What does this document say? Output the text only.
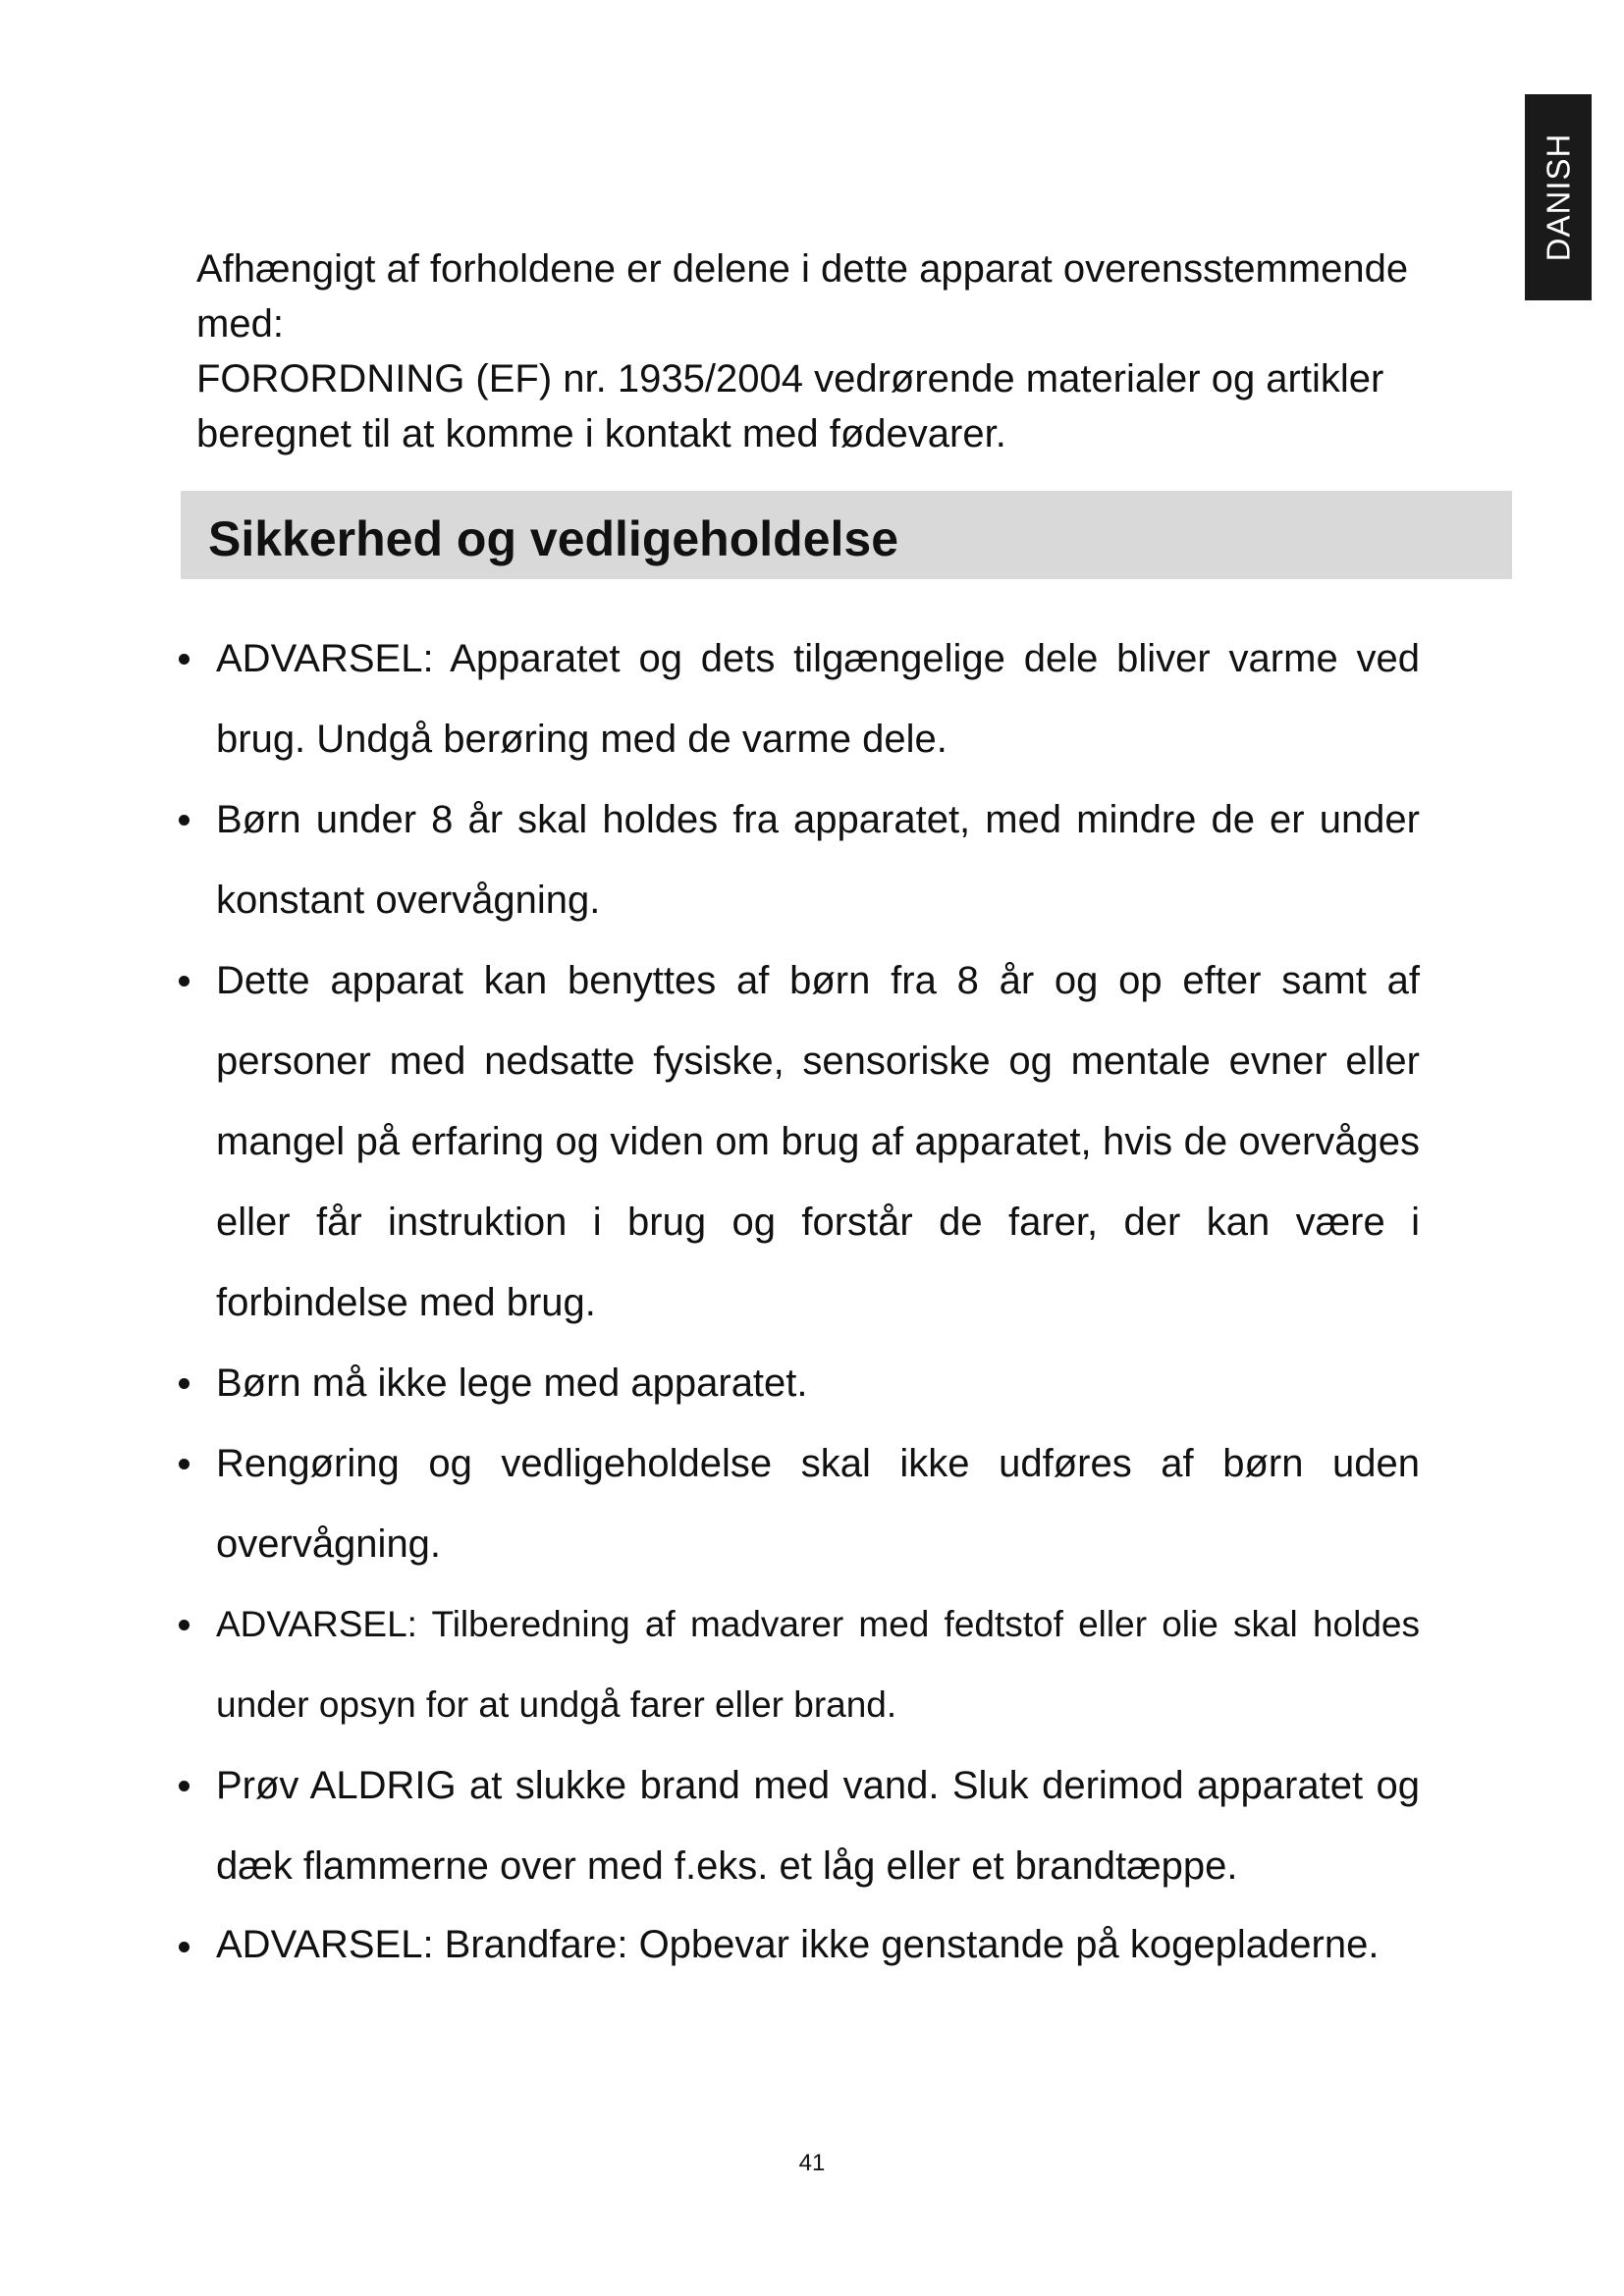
DANISH

Afhængigt af forholdene er delene i dette apparat overensstemmende med:

FORORDNING (EF) nr. 1935/2004 vedrørende materialer og artikler beregnet til at komme i kontakt med fødevarer.

Sikkerhed og vedligeholdelse
ADVARSEL: Apparatet og dets tilgængelige dele bliver varme ved brug. Undgå berøring med de varme dele.
Børn under 8 år skal holdes fra apparatet, med mindre de er under konstant overvågning.
Dette apparat kan benyttes af børn fra 8 år og op efter samt af personer med nedsatte fysiske, sensoriske og mentale evner eller mangel på erfaring og viden om brug af apparatet, hvis de overvåges eller får instruktion i brug og forstår de farer, der kan være i forbindelse med brug.
Børn må ikke lege med apparatet.
Rengøring og vedligeholdelse skal ikke udføres af børn uden overvågning.
ADVARSEL: Tilberedning af madvarer med fedtstof eller olie skal holdes under opsyn for at undgå farer eller brand.
Prøv ALDRIG at slukke brand med vand. Sluk derimod apparatet og dæk flammerne over med f.eks. et låg eller et brandtæppe.
ADVARSEL: Brandfare: Opbevar ikke genstande på kogepladerne.
41
